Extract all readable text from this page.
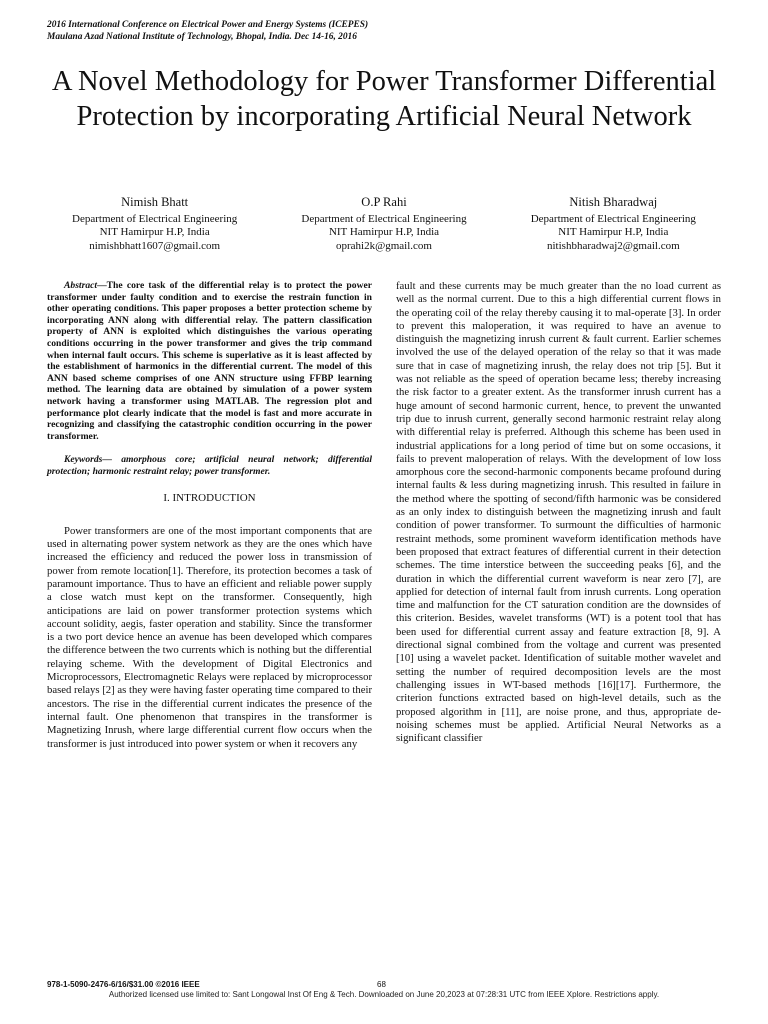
2016 International Conference on Electrical Power and Energy Systems (ICEPES)
Maulana Azad National Institute of Technology, Bhopal, India. Dec 14-16, 2016
A Novel Methodology for Power Transformer Differential Protection by incorporating Artificial Neural Network
Nimish Bhatt
Department of Electrical Engineering
NIT Hamirpur H.P, India
nimishbhatt1607@gmail.com
O.P Rahi
Department of Electrical Engineering
NIT Hamirpur H.P, India
oprahi2k@gmail.com
Nitish Bharadwaj
Department of Electrical Engineering
NIT Hamirpur H.P, India
nitishbharadwaj2@gmail.com

Abstract—The core task of the differential relay is to protect the power transformer under faulty condition and to exercise the restrain function in other operating conditions. This paper proposes a better protection scheme by incorporating ANN along with differential relay. The pattern classification property of ANN is exploited which distinguishes the various operating conditions occurring in the power transformer and gives the trip command when internal fault occurs. This scheme is superlative as it is least affected by the establishment of harmonics in the differential current. The model of this ANN based scheme comprises of one ANN structure using FFBP learning method. The learning data are obtained by simulation of a power system network having a transformer using MATLAB. The regression plot and performance plot clearly indicate that the model is fast and more accurate in recognizing and classifying the catastrophic condition occurring in the power transformer.

Keywords— amorphous core; artificial neural network; differential protection; harmonic restraint relay; power transformer.

I. INTRODUCTION

Power transformers are one of the most important components that are used in alternating power system network as they are the ones which have increased the efficiency and reduced the power loss in transmission of power from remote location[1]. Therefore, its protection becomes a task of paramount importance. Thus to have an efficient and reliable power supply a close watch must kept on the transformer. Consequently, high anticipations are laid on power transformer protection systems which account solidity, aegis, faster operation and stability. Since the transformer is a two port device hence an avenue has been developed which compares the difference between the two currents which is nothing but the differential relaying scheme. With the development of Digital Electronics and Microprocessors, Electromagnetic Relays were replaced by microprocessor based relays [2] as they were having faster operating time compared to their ancestors. The rise in the differential current indicates the presence of the internal fault. One phenomenon that transpires in the transformer is Magnetizing Inrush, where large differential current flow occurs when the transformer is just introduced into power system or when it recovers any

fault and these currents may be much greater than the no load current as well as the normal current. Due to this a high differential current flows in the operating coil of the relay thereby causing it to mal-operate [3]. In order to prevent this maloperation, it was required to have an avenue to distinguish the magnetizing inrush current & fault current. Earlier schemes involved the use of the delayed operation of the relay so that it was made sure that in case of magnetizing inrush, the relay does not trip [5]. But it was not reliable as the speed of operation became less; thereby increasing the risk factor to a greater extent. As the transformer inrush current has a huge amount of second harmonic current, hence, to prevent the unwanted trip due to inrush current, generally second harmonic restraint relay along with differential relay is preferred. Although this scheme has been used in industrial applications for a long period of time but on some occasions, it fails to prevent maloperation of relays. With the development of low loss amorphous core the second-harmonic components became profound during internal faults & less during magnetizing inrush. This resulted in failure in the method where the spotting of second/fifth harmonic was be considered as an only index to distinguish between the magnetizing inrush and fault condition of power transformer. To surmount the difficulties of harmonic restraint methods, some prominent waveform identification methods have been proposed that extract features of differential current in their detection schemes. The time interstice between the succeeding peaks [6], and the duration in which the differential current waveform is near zero [7], are applied for detection of internal fault from inrush currents. Long operation time and malfunction for the CT saturation condition are the downsides of this criterion. Besides, wavelet transforms (WT) is a potent tool that has been used for differential current assay and feature extraction [8, 9]. A directional signal combined from the voltage and current was presented [10] using a wavelet packet. Identification of suitable mother wavelet and setting the number of required decomposition levels are the most challenging issues in WT-based methods [16][17]. Furthermore, the criterion functions extracted based on high-level details, such as the proposed algorithm in [11], are noise prone, and thus, appropriate de-noising schemes must be applied. Artificial Neural Networks as a significant classifier

978-1-5090-2476-6/16/$31.00 ©2016 IEEE	68
Authorized licensed use limited to: Sant Longowal Inst Of Eng & Tech. Downloaded on June 20,2023 at 07:28:31 UTC from IEEE Xplore. Restrictions apply.
